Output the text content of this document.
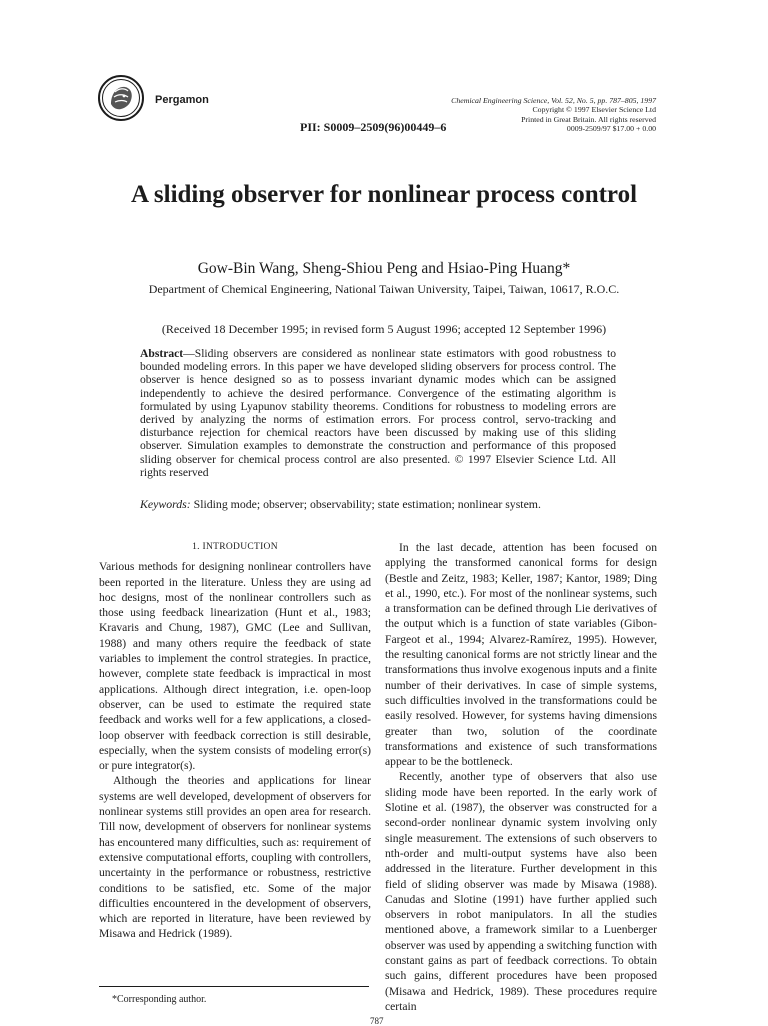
Pergamon	Chemical Engineering Science, Vol. 52, No. 5, pp. 787–805, 1997
Copyright © 1997 Elsevier Science Ltd
Printed in Great Britain. All rights reserved
0009-2509/97 $17.00 + 0.00
PII: S0009–2509(96)00449–6
A sliding observer for nonlinear process control
Gow-Bin Wang, Sheng-Shiou Peng and Hsiao-Ping Huang*
Department of Chemical Engineering, National Taiwan University, Taipei, Taiwan, 10617, R.O.C.
(Received 18 December 1995; in revised form 5 August 1996; accepted 12 September 1996)
Abstract—Sliding observers are considered as nonlinear state estimators with good robustness to bounded modeling errors. In this paper we have developed sliding observers for process control. The observer is hence designed so as to possess invariant dynamic modes which can be assigned independently to achieve the desired performance. Convergence of the estimating algorithm is formulated by using Lyapunov stability theorems. Conditions for robustness to modeling errors are derived by analyzing the norms of estimation errors. For process control, servo-tracking and disturbance rejection for chemical reactors have been discussed by making use of this sliding observer. Simulation examples to demonstrate the construction and performance of this proposed sliding observer for chemical process control are also presented. © 1997 Elsevier Science Ltd. All rights reserved
Keywords: Sliding mode; observer; observability; state estimation; nonlinear system.
1. INTRODUCTION

Various methods for designing nonlinear controllers have been reported in the literature. Unless they are using ad hoc designs, most of the nonlinear controllers such as those using feedback linearization (Hunt et al., 1983; Kravaris and Chung, 1987), GMC (Lee and Sullivan, 1988) and many others require the feedback of state variables to implement the control strategies. In practice, however, complete state feedback is impractical in most applications. Although direct integration, i.e. open-loop observer, can be used to estimate the required state feedback and works well for a few applications, a closed-loop observer with feedback correction is still desirable, especially, when the system consists of modeling error(s) or pure integrator(s).

Although the theories and applications for linear systems are well developed, development of observers for nonlinear systems still provides an open area for research. Till now, development of observers for nonlinear systems has encountered many difficulties, such as: requirement of extensive computational efforts, coupling with controllers, uncertainty in the performance or robustness, restrictive conditions to be satisfied, etc. Some of the major difficulties encountered in the development of observers, which are reported in literature, have been reviewed by Misawa and Hedrick (1989).

In the last decade, attention has been focused on applying the transformed canonical forms for design (Bestle and Zeitz, 1983; Keller, 1987; Kantor, 1989; Ding et al., 1990, etc.). For most of the nonlinear systems, such a transformation can be defined through Lie derivatives of the output which is a function of state variables (Gibon-Fargeot et al., 1994; Alvarez-Ramírez, 1995). However, the resulting canonical forms are not strictly linear and the transformations thus involve exogenous inputs and a finite number of their derivatives. In case of simple systems, such difficulties involved in the transformations could be easily resolved. However, for systems having dimensions greater than two, solution of the coordinate transformations and existence of such transformations appear to be the bottleneck.

Recently, another type of observers that also use sliding mode have been reported. In the early work of Slotine et al. (1987), the observer was constructed for a second-order nonlinear dynamic system involving only single measurement. The extensions of such observers to nth-order and multi-output systems have also been addressed in the literature. Further development in this field of sliding observer was made by Misawa (1988). Canudas and Slotine (1991) have further applied such observers in robot manipulators. In all the studies mentioned above, a framework similar to a Luenberger observer was used by appending a switching function with constant gains as part of feedback corrections. To obtain such gains, different procedures have been proposed (Misawa and Hedrick, 1989). These procedures require certain

*Corresponding author.
787
